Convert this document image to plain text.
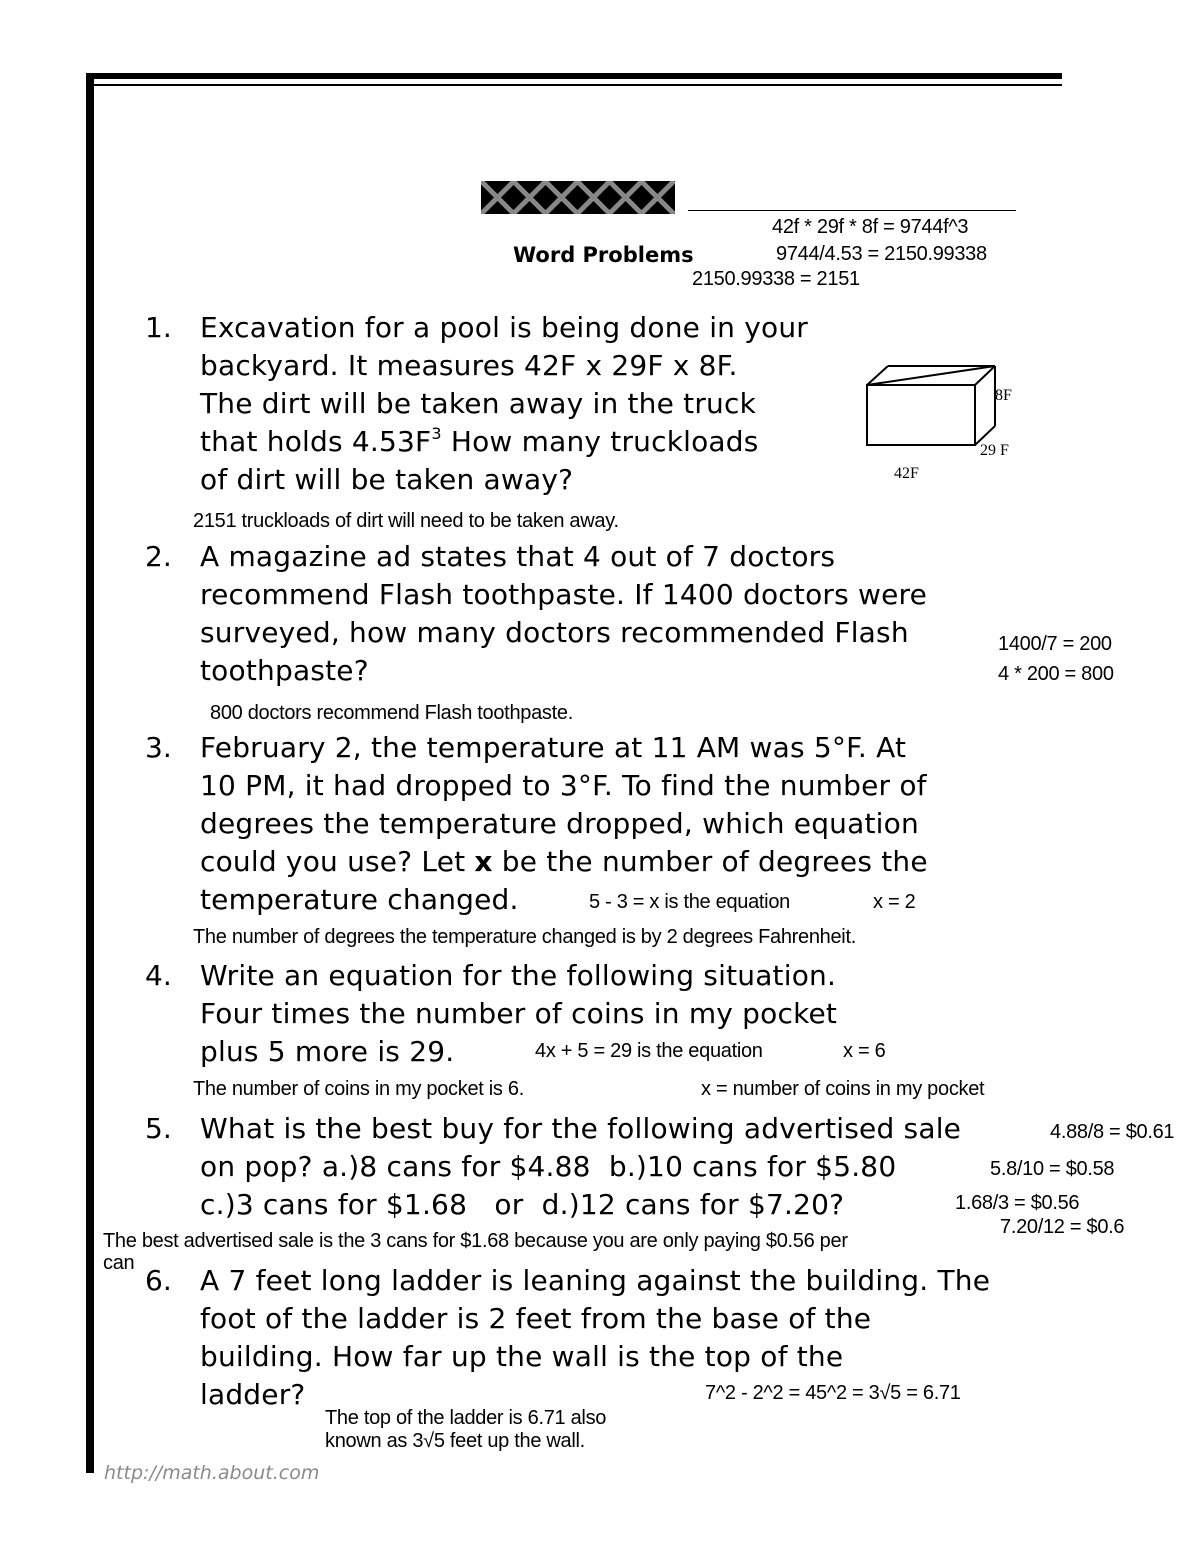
42f * 29f * 8f = 9744f^3
Word Problems	9744/4.53 = 2150.99338
2150.99338 = 2151
1. Excavation for a pool is being done in your
backyard. It measures 42F x 29F x 8F.
The dirt will be taken away in the truck
that holds $4.53F^3$ How many truckloads
of dirt will be taken away?
8F
29 F
42F
2151 truckloads of dirt will need to be taken away.
2. A magazine ad states that 4 out of 7 doctors
recommend Flash toothpaste. If 1400 doctors were
surveyed, how many doctors recommended Flash
toothpaste?
1400/7 = 200
4 * 200 = 800
800 doctors recommend Flash toothpaste.
3. February 2, the temperature at 11 AM was 5°F. At
10 PM, it had dropped to 3°F. To find the number of
degrees the temperature dropped, which equation
could you use? Let x be the number of degrees the
temperature changed.	5 - 3 = x is the equation	x = 2
The number of degrees the temperature changed is by 2 degrees Fahrenheit.
4. Write an equation for the following situation.
Four times the number of coins in my pocket
plus 5 more is 29.	4x + 5 = 29 is the equation	x = 6
The number of coins in my pocket is 6.	x = number of coins in my pocket
5. What is the best buy for the following advertised sale
on pop? a.)8 cans for $4.88  b.)10 cans for $5.80
c.)3 cans for $1.68   or  d.)12 cans for $7.20?
4.88/8 = $0.61
5.8/10 = $0.58
1.68/3 = $0.56
7.20/12 = $0.6
The best advertised sale is the 3 cans for $1.68 because you are only paying $0.56 per
can
6. A 7 feet long ladder is leaning against the building. The
foot of the ladder is 2 feet from the base of the
building. How far up the wall is the top of the
ladder?	7^2 - 2^2 = 45^2 = 3√5 = 6.71
The top of the ladder is 6.71 also
known as 3√5 feet up the wall.
http://math.about.com
